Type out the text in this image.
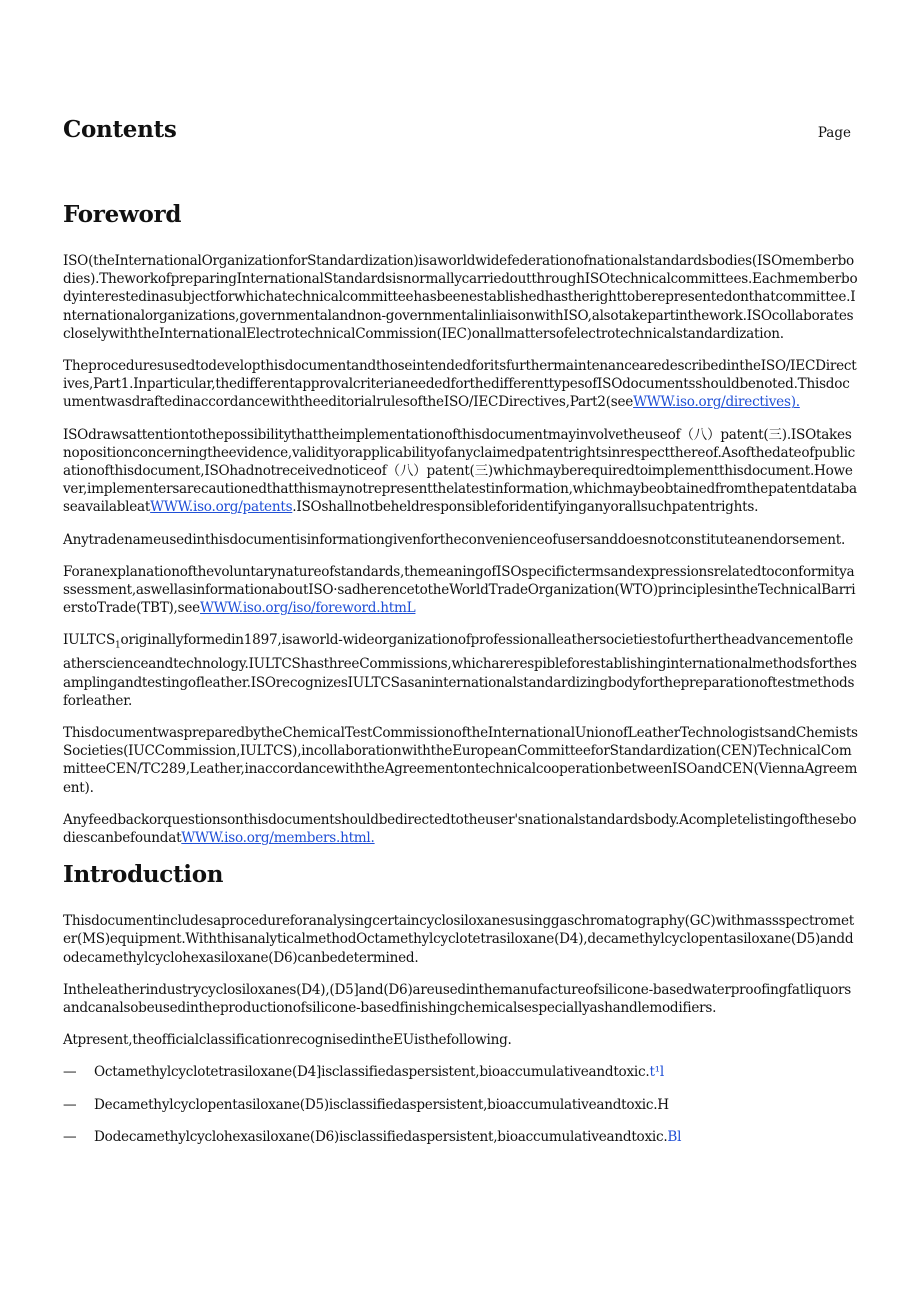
Contents	Page
Foreword

ISO(theInternationalOrganizationforStandardization)isaworldwidefederationofnationalstandardsbodies(ISOmemberbodies).TheworkofpreparingInternationalStandardsisnormallycarriedoutthroughISOtechnicalcommittees.Eachmemberbodyinterestedinasubjectforwhichatechnicalcommitteehasbeenestablishedhastherighttoberepresentedonthatcommittee.Internationalorganizations,governmentalandnon-governmentalinliaisonwithISO,alsotakepartinthework.ISOcollaboratescloselywiththeInternationalElectrotechnicalCommission(IEC)onallmattersofelectrotechnicalstandardization.

TheproceduresusedtodevelopthisdocumentandthoseintendedforitsfurthermaintenancearedescribedintheISO/IECDirectives,Part1.Inparticular,thedifferentapprovalcriterianeededforthedifferenttypesofISOdocumentsshouldbenoted.ThisdocumentwasdraftedinaccordancewiththeeditorialrulesoftheISO/IECDirectives,Part2(seeWWW.iso.org/directives).

ISOdrawsattentiontothepossibilitythattheimplementationofthisdocumentmayinvolvetheuseof（八）patent(三).ISOtakesnopositionconcerningtheevidence,validityorapplicabilityofanyclaimedpatentrightsinrespectthereof.Asofthedateofpublicationofthisdocument,ISOhadnotreceivednoticeof（八）patent(三)whichmayberequiredtoimplementthisdocument.However,implementersarecautionedthatthismaynotrepresentthelatestinformation,whichmaybeobtainedfromthepatentdatabaseavailableatWWW.iso.org/patents.ISOshallnotbeheldresponsibleforidentifyinganyorallsuchpatentrights.

Anytradenameusedinthisdocumentisinformationgivenfortheconvenienceofusersanddoesnotconstituteanendorsement.

Foranexplanationofthevoluntarynatureofstandards,themeaningofISOspecifictermsandexpressionsrelatedtoconformityassessment,aswellasinformationaboutISO·sadherencetotheWorldTradeOrganization(WTO)principlesintheTechnicalBarrierstoTrade(TBT),seeWWW.iso.org/iso/foreword.htmL

$IULTCS_1originallyformedin1897,isaworld$-wideorganizationofprofessionalleathersocietiestofurthertheadvancementofleatherscienceandtechnology.IULTCShasthreeCommissions,whicharerespibleforestablishinginternationalmethodsforthesamplingandtestingofleather.ISOrecognizesIULTCSasaninternationalstandardizingbodyforthepreparationoftestmethodsforleather.

ThisdocumentwaspreparedbytheChemicalTestCommissionoftheInternationalUnionofLeatherTechnologistsandChemistsSocieties(IUCCommission,IULTCS),incollaborationwiththeEuropeanCommitteeforStandardization(CEN)TechnicalCommitteeCEN/TC289,Leather,inaccordancewiththeAgreementontechnicalcooperationbetweenISOandCEN(ViennaAgreement).

Anyfeedbackorquestionsonthisdocumentshouldbedirectedtotheuser'snationalstandardsbody.AcompletelistingofthesebodiescanbefoundatWWW.iso.org/members.html.

Introduction

Thisdocumentincludesaprocedureforanalysingcertaincyclosiloxanesusinggaschromatography(GC)withmassspectrometer(MS)equipment.WiththisanalyticalmethodOctamethylcyclotetrasiloxane(D4),decamethylcyclopentasiloxane(D5)anddodecamethylcyclohexasiloxane(D6)canbedetermined.

Intheleatherindustrycyclosiloxanes(D4),(D5]and(D6)areusedinthemanufactureofsilicone-basedwaterproofingfatliquorsandcanalsobeusedintheproductionofsilicone-basedfinishingchemicalsespeciallyashandlemodifiers.

Atpresent,theofficialclassificationrecognisedintheEUisthefollowing.

—	Octamethylcyclotetrasiloxane(D4]isclassifiedaspersistent,bioaccumulativeandtoxic.t¹l
—	Decamethylcyclopentasiloxane(D5)isclassifiedaspersistent,bioaccumulativeandtoxic.H
—	Dodecamethylcyclohexasiloxane(D6)isclassifiedaspersistent,bioaccumulativeandtoxic.Bl
